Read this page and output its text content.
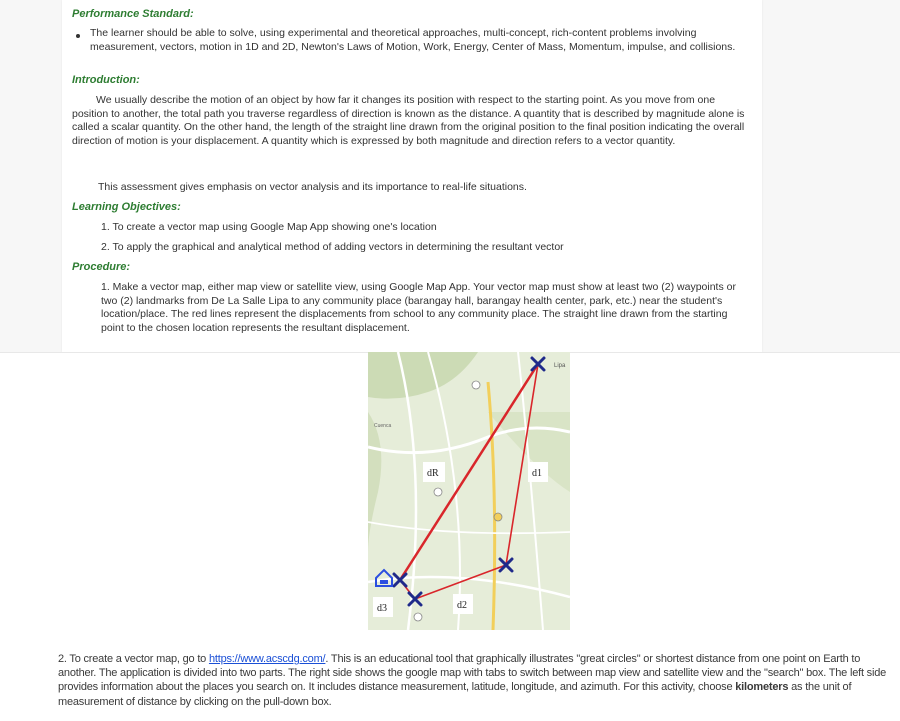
Performance Standard:
The learner should be able to solve, using experimental and theoretical approaches, multi-concept, rich-content problems involving measurement, vectors, motion in 1D and 2D, Newton's Laws of Motion, Work, Energy, Center of Mass, Momentum, impulse, and collisions.
Introduction:
We usually describe the motion of an object by how far it changes its position with respect to the starting point. As you move from one position to another, the total path you traverse regardless of direction is known as the distance. A quantity that is described by magnitude alone is called a scalar quantity. On the other hand, the length of the straight line drawn from the original position to the final position indicating the overall direction of motion is your displacement. A quantity which is expressed by both magnitude and direction refers to a vector quantity.
This assessment gives emphasis on vector analysis and its importance to real-life situations.
Learning Objectives:
1. To create a vector map using Google Map App showing one's location
2. To apply the graphical and analytical method of adding vectors in determining the resultant vector
Procedure:
1. Make a vector map, either map view or satellite view, using Google Map App. Your vector map must show at least two (2) waypoints or two (2) landmarks from De La Salle Lipa to any community place (barangay hall, barangay health center, park, etc.) near the student's location/place. The red lines represent the displacements from school to any community place. The straight line drawn from the starting point to the chosen location represents the resultant displacement.
dR	d1
d2
d3
Lipa
Cuenca
2. To create a vector map, go to https://www.acscdg.com/. This is an educational tool that graphically illustrates "great circles" or shortest distance from one point on Earth to another. The application is divided into two parts. The right side shows the google map with tabs to switch between map view and satellite view and the "search" box. The left side provides information about the places you search on. It includes distance measurement, latitude, longitude, and azimuth. For this activity, choose kilometers as the unit of measurement of distance by clicking on the pull-down box.
